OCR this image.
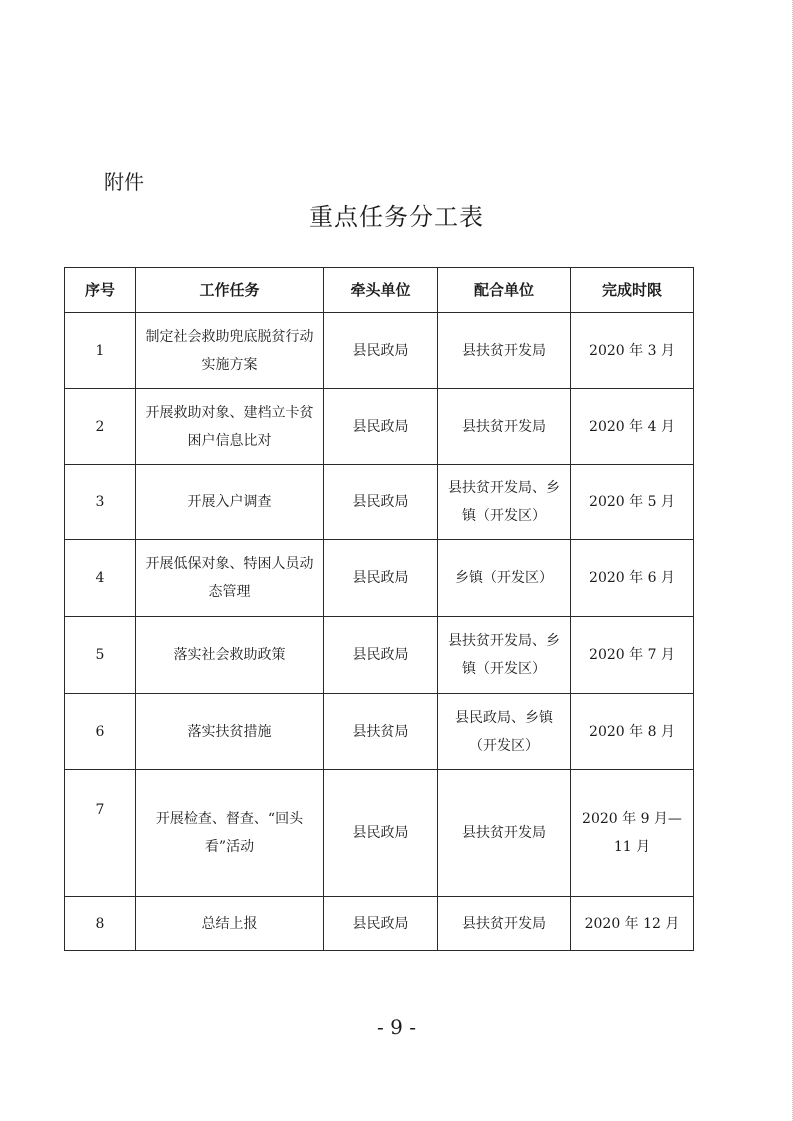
附件
重点任务分工表
序号	工作任务	牵头单位	配合单位	完成时限
1	制定社会救助兜底脱贫行动实施方案	县民政局	县扶贫开发局	2020 年 3 月
2	开展救助对象、建档立卡贫困户信息比对	县民政局	县扶贫开发局	2020 年 4 月
3	开展入户调查	县民政局	县扶贫开发局、乡镇（开发区）	2020 年 5 月
4	开展低保对象、特困人员动态管理	县民政局	乡镇（开发区）	2020 年 6 月
5	落实社会救助政策	县民政局	县扶贫开发局、乡镇（开发区）	2020 年 7 月
6	落实扶贫措施	县扶贫局	县民政局、乡镇（开发区）	2020 年 8 月
7	开展检查、督查、“回头看”活动	县民政局	县扶贫开发局	2020 年 9 月—11 月
8	总结上报	县民政局	县扶贫开发局	2020 年 12 月
- 9 -
